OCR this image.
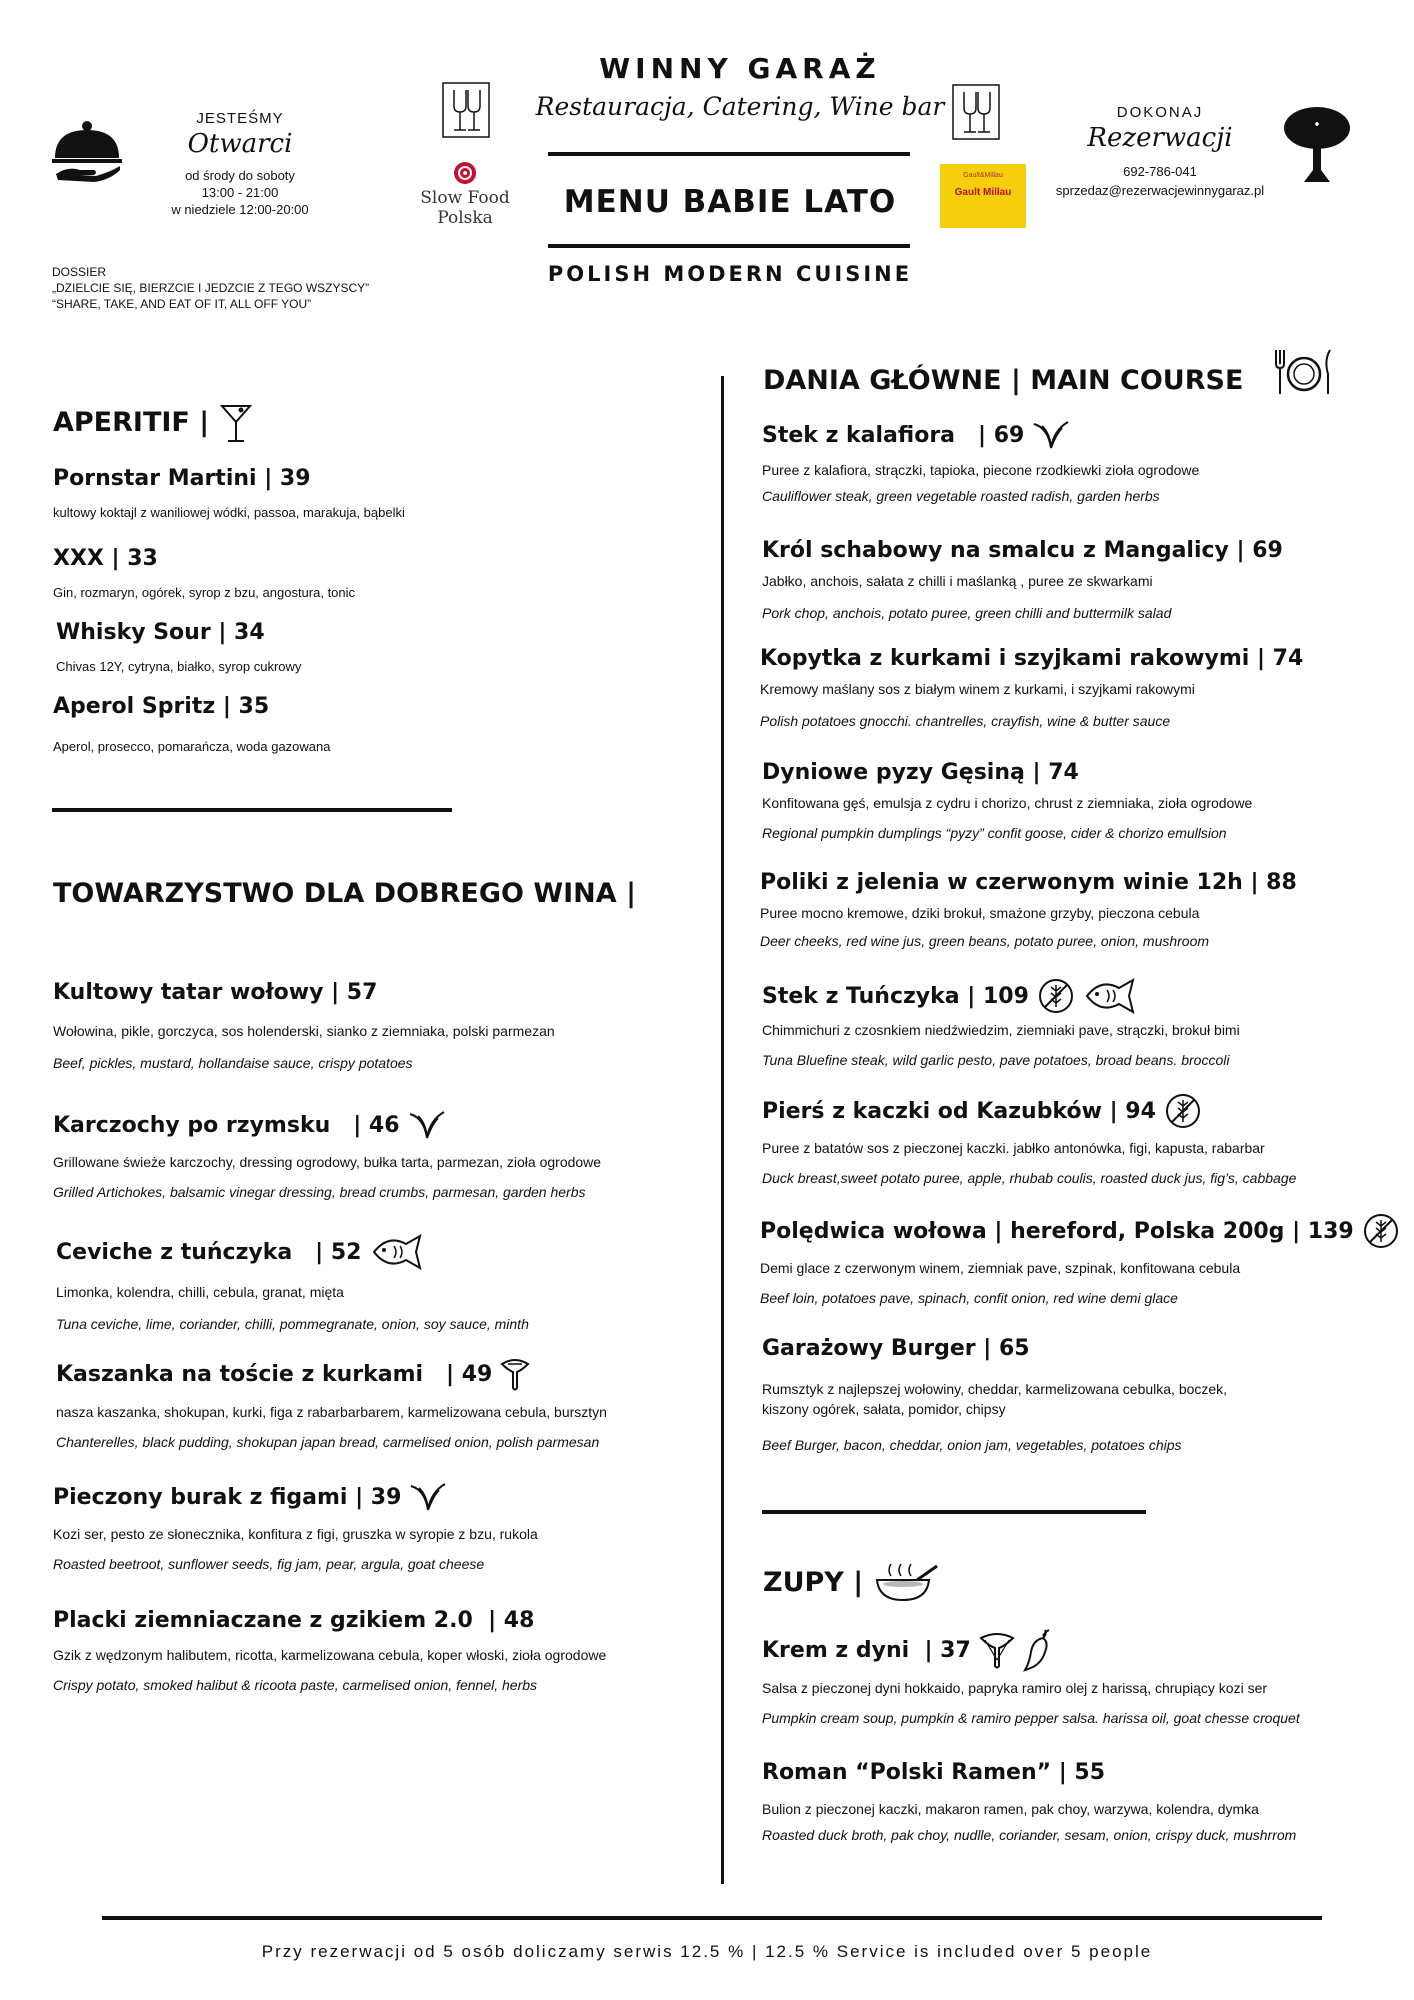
JESTEŚMY
Otwarci
od środy do soboty
13:00 - 21:00
w niedziele 12:00-20:00
Slow Food
Polska
WINNY GARAŻ
Restauracja, Catering, Wine bar
MENU BABIE LATO
POLISH MODERN CUISINE
Gault&Millau
Gault Millau
DOKONAJ
Rezerwacji
692-786-041
sprzedaz@rezerwacjewinnygaraz.pl
DOSSIER
„DZIELCIE SIĘ, BIERZCIE I JEDZCIE Z TEGO WSZYSCY”
“SHARE, TAKE, AND EAT OF IT, ALL OFF YOU”
APERITIF |
Pornstar Martini | 39
kultowy koktajl z waniliowej wódki, passoa, marakuja, bąbelki
XXX | 33
Gin, rozmaryn, ogórek, syrop z bzu, angostura, tonic
Whisky Sour | 34
Chivas 12Y, cytryna, białko, syrop cukrowy
Aperol Spritz | 35
Aperol, prosecco, pomarańcza, woda gazowana
TOWARZYSTWO DLA DOBREGO WINA |
Kultowy tatar wołowy | 57
Wołowina, pikle, gorczyca, sos holenderski, sianko z ziemniaka, polski parmezan
Beef, pickles, mustard, hollandaise sauce, crispy potatoes
Karczochy po rzymsku   | 46
Grillowane świeże karczochy, dressing ogrodowy, bułka tarta, parmezan, zioła ogrodowe
Grilled Artichokes, balsamic vinegar dressing, bread crumbs, parmesan, garden herbs
Ceviche z tuńczyka   | 52
Limonka, kolendra, chilli, cebula, granat, mięta
Tuna ceviche, lime, coriander, chilli, pommegranate, onion, soy sauce, minth
Kaszanka na toście z kurkami   | 49
nasza kaszanka, shokupan, kurki, figa z rabarbarbarem, karmelizowana cebula, bursztyn
Chanterelles, black pudding, shokupan japan bread, carmelised onion, polish parmesan
Pieczony burak z figami | 39
Kozi ser, pesto ze słonecznika, konfitura z figi, gruszka w syropie z bzu, rukola
Roasted beetroot, sunflower seeds, fig jam, pear, argula, goat cheese
Placki ziemniaczane z gzikiem 2.0  | 48
Gzik z wędzonym halibutem, ricotta, karmelizowana cebula, koper włoski, zioła ogrodowe
Crispy potato, smoked halibut & ricoota paste, carmelised onion, fennel, herbs
DANIA GŁÓWNE | MAIN COURSE
Stek z kalafiora   | 69
Puree z kalafiora, strączki, tapioka, piecone rzodkiewki zioła ogrodowe
Cauliflower steak, green vegetable roasted radish, garden herbs
Król schabowy na smalcu z Mangalicy | 69
Jabłko, anchois, sałata z chilli i maślanką , puree ze skwarkami
Pork chop, anchois, potato puree, green chilli and buttermilk salad
Kopytka z kurkami i szyjkami rakowymi | 74
Kremowy maślany sos z białym winem z kurkami, i szyjkami rakowymi
Polish potatoes gnocchi. chantrelles, crayfish, wine & butter sauce
Dyniowe pyzy Gęsiną | 74
Konfitowana gęś, emulsja z cydru i chorizo, chrust z ziemniaka, zioła ogrodowe
Regional pumpkin dumplings “pyzy” confit goose, cider & chorizo emullsion
Poliki z jelenia w czerwonym winie 12h | 88
Puree mocno kremowe, dziki brokuł, smażone grzyby, pieczona cebula
Deer cheeks, red wine jus, green beans, potato puree, onion, mushroom
Stek z Tuńczyka | 109
Chimmichuri z czosnkiem niedźwiedzim, ziemniaki pave, strączki, brokuł bimi
Tuna Bluefine steak, wild garlic pesto, pave potatoes, broad beans. broccoli
Pierś z kaczki od Kazubków | 94
Puree z batatów sos z pieczonej kaczki. jabłko antonówka, figi, kapusta, rabarbar
Duck breast,sweet potato puree, apple, rhubab coulis, roasted duck jus, fig’s, cabbage
Polędwica wołowa | hereford, Polska 200g | 139
Demi glace z czerwonym winem, ziemniak pave, szpinak, konfitowana cebula
Beef loin, potatoes pave, spinach, confit onion, red wine demi glace
Garażowy Burger | 65
Rumsztyk z najlepszej wołowiny, cheddar, karmelizowana cebulka, boczek,
kiszony ogórek, sałata, pomidor, chipsy
Beef Burger, bacon, cheddar, onion jam, vegetables, potatoes chips
ZUPY |
Krem z dyni  | 37
Salsa z pieczonej dyni hokkaido, papryka ramiro olej z harissą, chrupiący kozi ser
Pumpkin cream soup, pumpkin & ramiro pepper salsa. harissa oil, goat chesse croquet
Roman “Polski Ramen” | 55
Bulion z pieczonej kaczki, makaron ramen, pak choy, warzywa, kolendra, dymka
Roasted duck broth, pak choy, nudlle, coriander, sesam, onion, crispy duck, mushrrom
Przy rezerwacji od 5 osób doliczamy serwis 12.5 % | 12.5 % Service is included over 5 people
